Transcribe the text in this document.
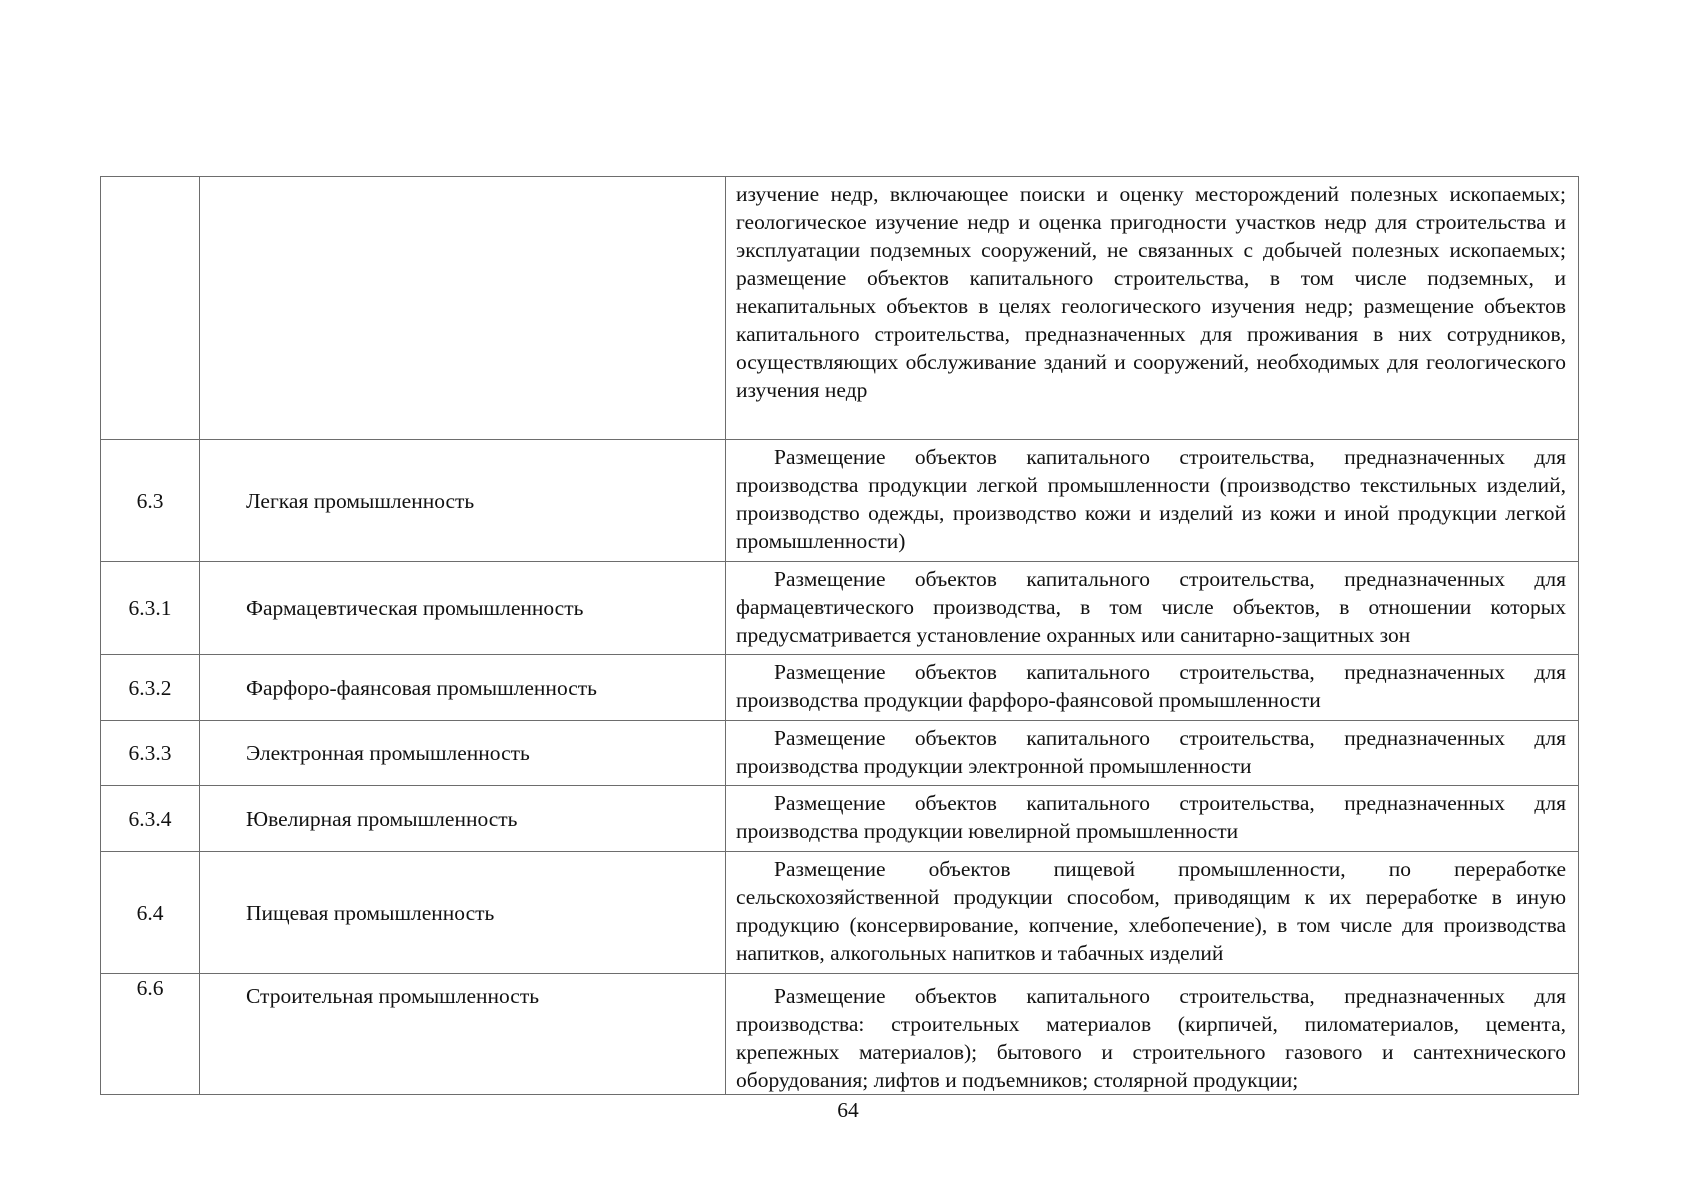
		изучение недр, включающее поиски и оценку месторождений полезных ископаемых; геологическое изучение недр и оценка пригодности участков недр для строительства и эксплуатации подземных сооружений, не связанных с добычей полезных ископаемых; размещение объектов капитального строительства, в том числе подземных, и некапитальных объектов в целях геологического изучения недр; размещение объектов капитального строительства, предназначенных для проживания в них сотрудников, осуществляющих обслуживание зданий и сооружений, необходимых для геологического изучения недр
6.3	Легкая промышленность	Размещение объектов капитального строительства, предназначенных для производства продукции легкой промышленности (производство текстильных изделий, производство одежды, производство кожи и изделий из кожи и иной продукции легкой промышленности)

6.3.1	Фармацевтическая промышленность	Размещение объектов капитального строительства, предназначенных для фармацевтического производства, в том числе объектов, в отношении которых предусматривается установление охранных или санитарно-защитных зон

6.3.2	Фарфоро-фаянсовая промышленность	Размещение объектов капитального строительства, предназначенных для производства продукции фарфоро-фаянсовой промышленности

6.3.3	Электронная промышленность	Размещение объектов капитального строительства, предназначенных для производства продукции электронной промышленности

6.3.4	Ювелирная промышленность	Размещение объектов капитального строительства, предназначенных для производства продукции ювелирной промышленности

6.4	Пищевая промышленность	Размещение объектов пищевой промышленности, по переработке сельскохозяйственной продукции способом, приводящим к их переработке в иную продукцию (консервирование, копчение, хлебопечение), в том числе для производства напитков, алкогольных напитков и табачных изделий

6.6	Строительная промышленность	Размещение объектов капитального строительства, предназначенных для производства: строительных материалов (кирпичей, пиломатериалов, цемента, крепежных материалов); бытового и строительного газового и сантехнического оборудования; лифтов и подъемников; столярной продукции;
64
